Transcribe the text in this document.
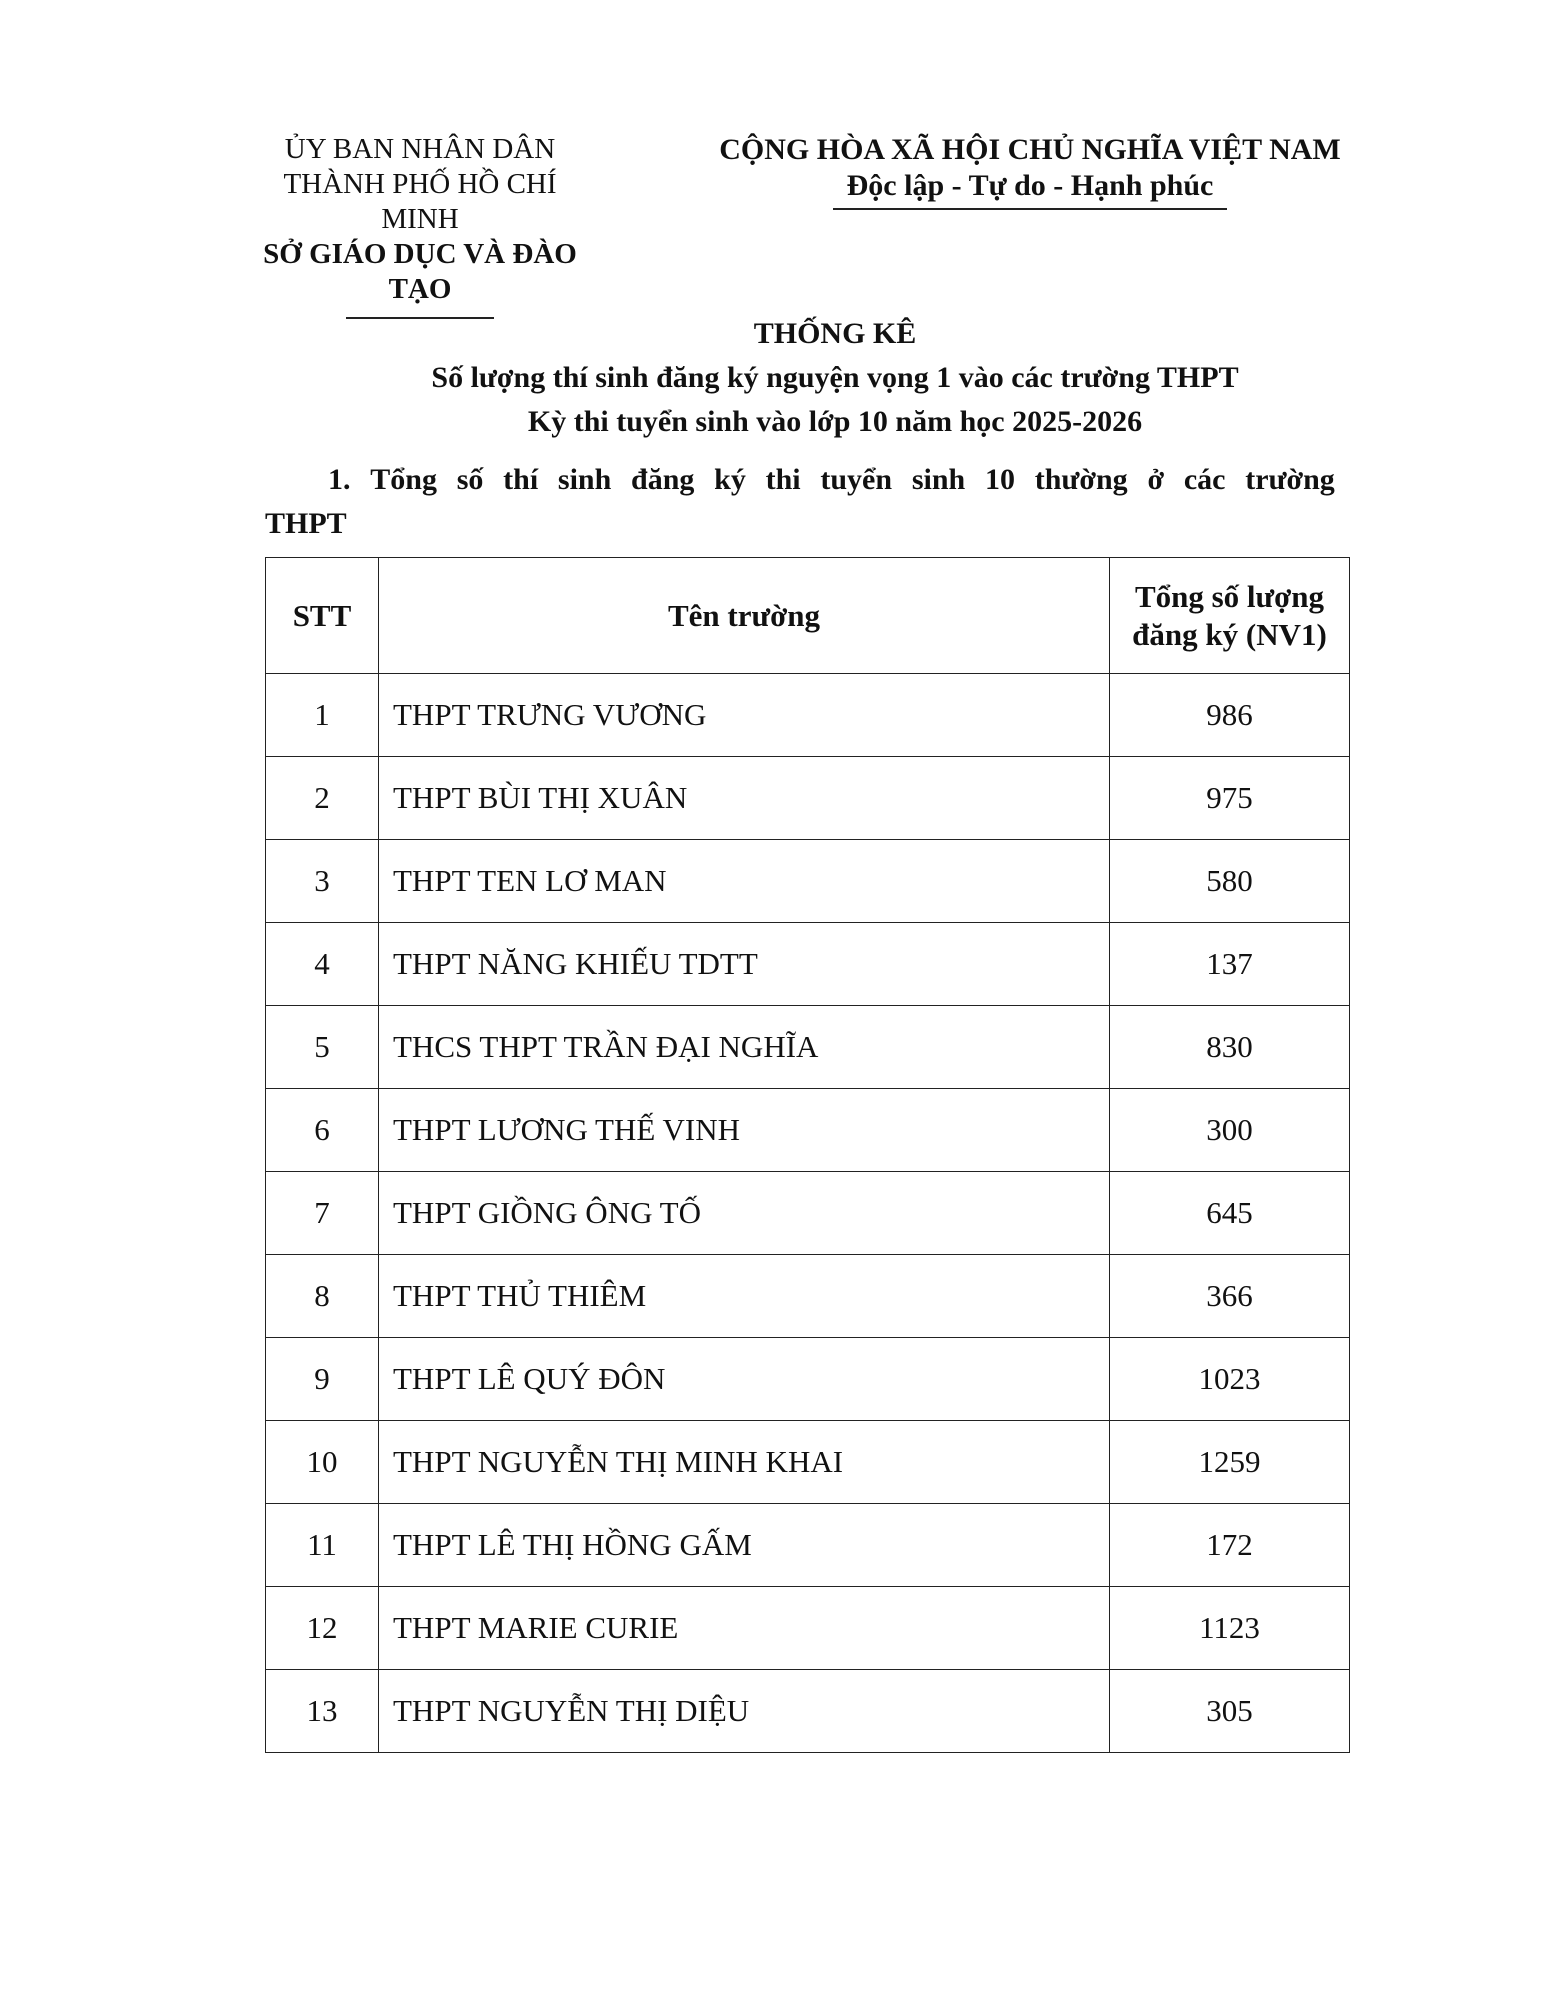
ỦY BAN NHÂN DÂN
THÀNH PHỐ HỒ CHÍ MINH
SỞ GIÁO DỤC VÀ ĐÀO TẠO
CỘNG HÒA XÃ HỘI CHỦ NGHĨA VIỆT NAM
Độc lập - Tự do - Hạnh phúc
THỐNG KÊ
Số lượng thí sinh đăng ký nguyện vọng 1 vào các trường THPT
Kỳ thi tuyển sinh vào lớp 10 năm học 2025-2026
1. Tổng số thí sinh đăng ký thi tuyển sinh 10 thường ở các trường
THPT
STT	Tên trường	Tổng số lượng
đăng ký (NV1)

1	THPT TRƯNG VƯƠNG	986
2	THPT BÙI THỊ XUÂN	975
3	THPT TEN LƠ MAN	580
4	THPT NĂNG KHIẾU TDTT	137
5	THCS THPT TRẦN ĐẠI NGHĨA	830
6	THPT LƯƠNG THẾ VINH	300
7	THPT GIỒNG ÔNG TỐ	645
8	THPT THỦ THIÊM	366
9	THPT LÊ QUÝ ĐÔN	1023
10	THPT NGUYỄN THỊ MINH KHAI	1259
11	THPT LÊ THỊ HỒNG GẤM	172
12	THPT MARIE CURIE	1123
13	THPT NGUYỄN THỊ DIỆU	305
